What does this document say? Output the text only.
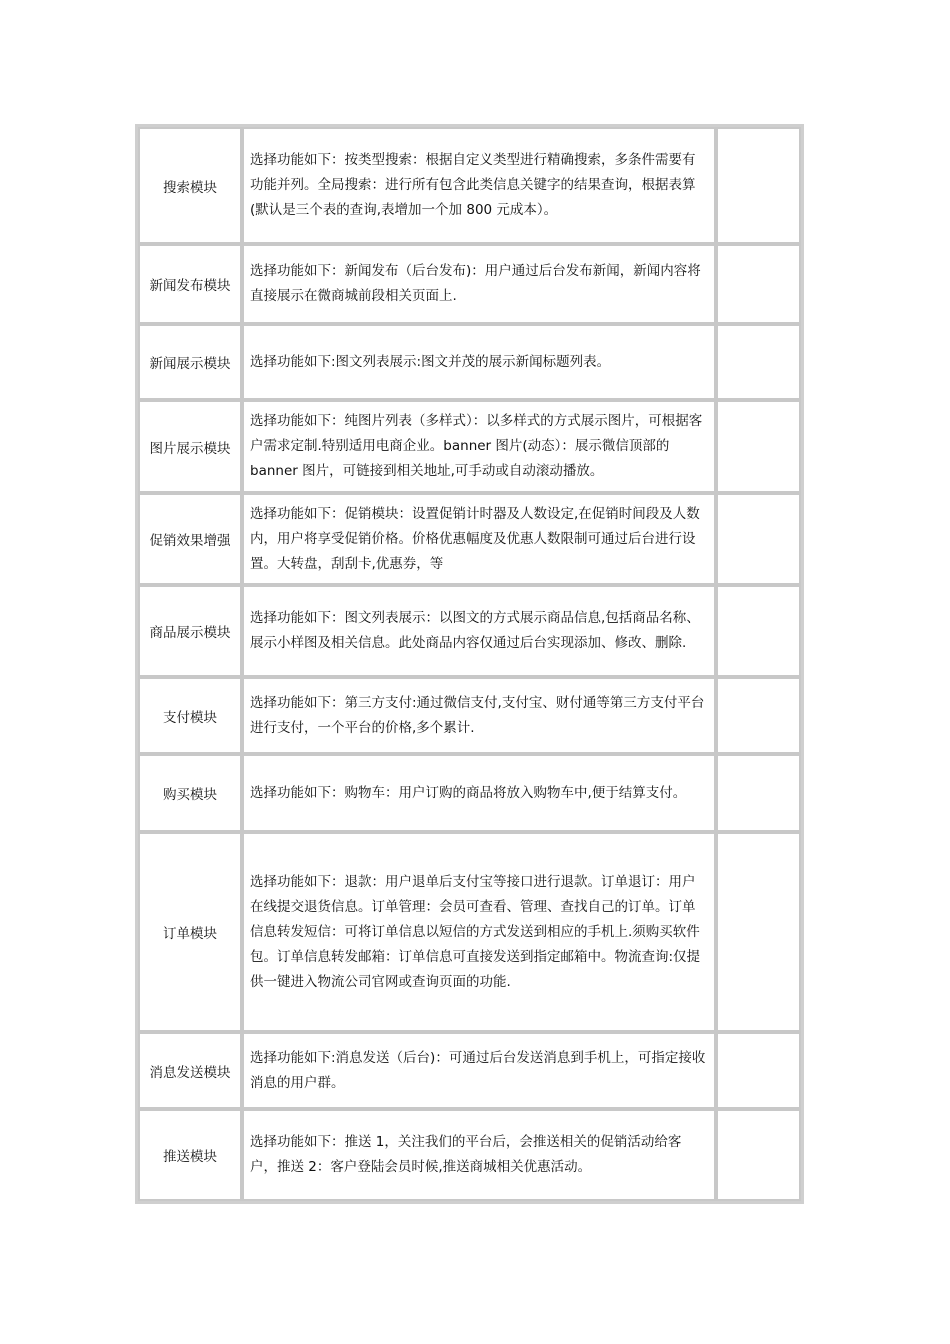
搜索模块	选择功能如下：按类型搜索：根据自定义类型进行精确搜索，多条件需要有功能并列。全局搜索：进行所有包含此类信息关键字的结果查询，根据表算(默认是三个表的查询,表增加一个加 800 元成本）。	
新闻发布模块	选择功能如下：新闻发布（后台发布)：用户通过后台发布新闻，新闻内容将直接展示在微商城前段相关页面上.	
新闻展示模块	选择功能如下:图文列表展示:图文并茂的展示新闻标题列表。	
图片展示模块	选择功能如下：纯图片列表（多样式）：以多样式的方式展示图片，可根据客户需求定制.特别适用电商企业。banner 图片(动态）：展示微信顶部的 banner 图片，可链接到相关地址,可手动或自动滚动播放。	
促销效果增强	选择功能如下：促销模块：设置促销计时器及人数设定,在促销时间段及人数内，用户将享受促销价格。价格优惠幅度及优惠人数限制可通过后台进行设置。大转盘，刮刮卡,优惠券，等	
商品展示模块	选择功能如下：图文列表展示：以图文的方式展示商品信息,包括商品名称、展示小样图及相关信息。此处商品内容仅通过后台实现添加、修改、删除.	
支付模块	选择功能如下：第三方支付:通过微信支付,支付宝、财付通等第三方支付平台进行支付，一个平台的价格,多个累计.	
购买模块	选择功能如下：购物车：用户订购的商品将放入购物车中,便于结算支付。	
订单模块	选择功能如下：退款：用户退单后支付宝等接口进行退款。订单退订：用户在线提交退货信息。订单管理：会员可查看、管理、查找自己的订单。订单信息转发短信：可将订单信息以短信的方式发送到相应的手机上.须购买软件包。订单信息转发邮箱：订单信息可直接发送到指定邮箱中。物流查询:仅提供一键进入物流公司官网或查询页面的功能.	
消息发送模块	选择功能如下:消息发送（后台)：可通过后台发送消息到手机上，可指定接收消息的用户群。	
推送模块	选择功能如下：推送 1，关注我们的平台后，会推送相关的促销活动给客户，推送 2：客户登陆会员时候,推送商城相关优惠活动。	
